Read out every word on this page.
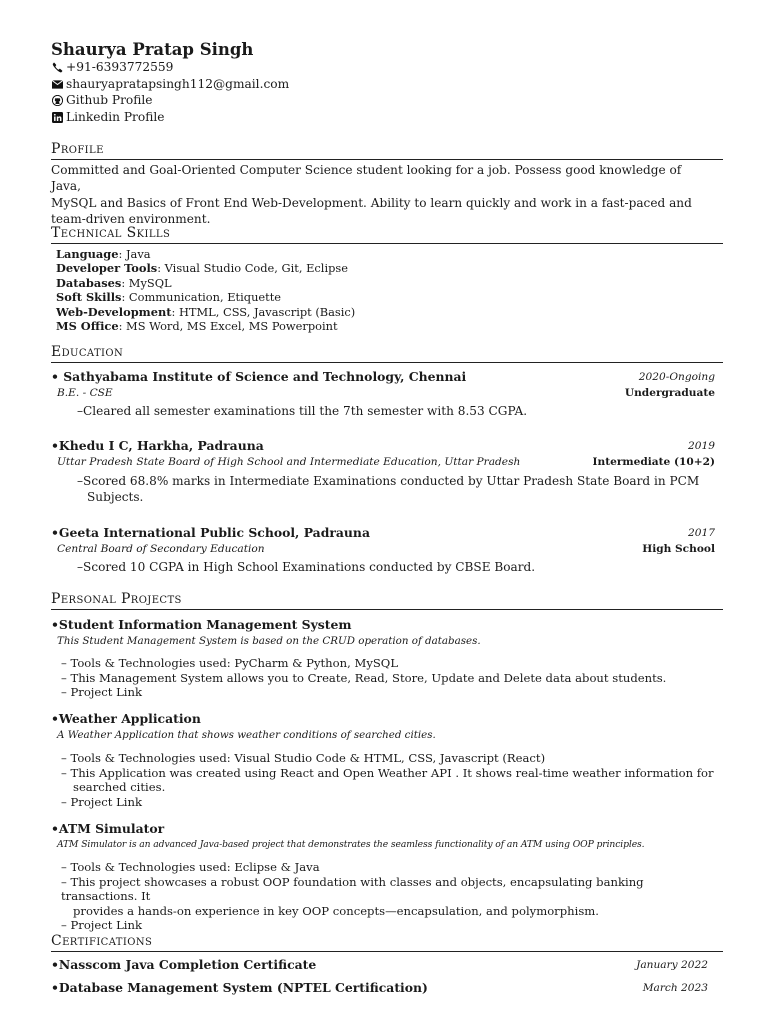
Shaurya Pratap Singh
+91-6393772559
shauryapratapsingh112@gmail.com
Github Profile
Linkedin Profile
Profile
Committed and Goal-Oriented Computer Science student looking for a job. Possess good knowledge of Java,
MySQL and Basics of Front End Web-Development. Ability to learn quickly and work in a fast-paced and
team-driven environment.
Technical Skills
Language: Java
Developer Tools: Visual Studio Code, Git, Eclipse
Databases: MySQL
Soft Skills: Communication, Etiquette
Web-Development: HTML, CSS, Javascript (Basic)
MS Office: MS Word, MS Excel, MS Powerpoint
Education
• Sathyabama Institute of Science and Technology, Chennai	2020-Ongoing
B.E. - CSE	Undergraduate
–Cleared all semester examinations till the 7th semester with 8.53 CGPA.
•Khedu I C, Harkha, Padrauna	2019
Uttar Pradesh State Board of High School and Intermediate Education, Uttar Pradesh	Intermediate (10+2)
–Scored 68.8% marks in Intermediate Examinations conducted by Uttar Pradesh State Board in PCM
Subjects.
•Geeta International Public School, Padrauna	2017
Central Board of Secondary Education	High School
–Scored 10 CGPA in High School Examinations conducted by CBSE Board.
Personal Projects
•Student Information Management System
This Student Management System is based on the CRUD operation of databases.
– Tools & Technologies used: PyCharm & Python, MySQL
– This Management System allows you to Create, Read, Store, Update and Delete data about students.
– Project Link
•Weather Application
A Weather Application that shows weather conditions of searched cities.
– Tools & Technologies used: Visual Studio Code & HTML, CSS, Javascript (React)
– This Application was created using React and Open Weather API . It shows real-time weather information for
searched cities.
– Project Link
•ATM Simulator
ATM Simulator is an advanced Java-based project that demonstrates the seamless functionality of an ATM using OOP principles.
– Tools & Technologies used: Eclipse & Java
– This project showcases a robust OOP foundation with classes and objects, encapsulating banking transactions. It
provides a hands-on experience in key OOP concepts—encapsulation, and polymorphism.
– Project Link
Certifications
•Nasscom Java Completion Certificate	January 2022
•Database Management System (NPTEL Certification)	March 2023
